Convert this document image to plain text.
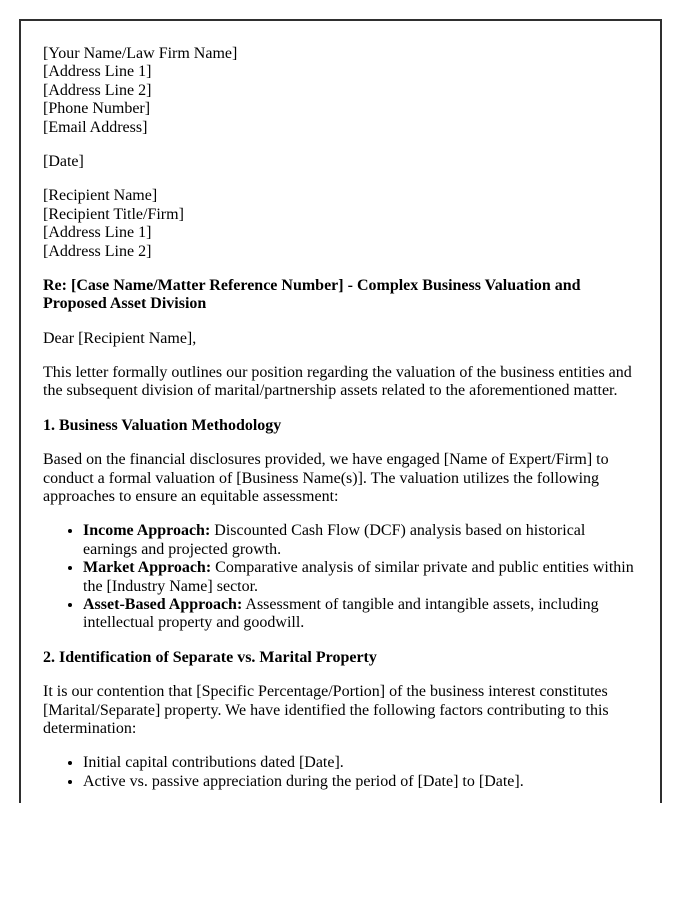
[Your Name/Law Firm Name]
[Address Line 1]
[Address Line 2]
[Phone Number]
[Email Address]

[Date]

[Recipient Name]
[Recipient Title/Firm]
[Address Line 1]
[Address Line 2]

Re: [Case Name/Matter Reference Number] - Complex Business Valuation and Proposed Asset Division

Dear [Recipient Name],

This letter formally outlines our position regarding the valuation of the business entities and the subsequent division of marital/partnership assets related to the aforementioned matter.

1. Business Valuation Methodology

Based on the financial disclosures provided, we have engaged [Name of Expert/Firm] to conduct a formal valuation of [Business Name(s)]. The valuation utilizes the following approaches to ensure an equitable assessment:

• Income Approach: Discounted Cash Flow (DCF) analysis based on historical earnings and projected growth.
• Market Approach: Comparative analysis of similar private and public entities within the [Industry Name] sector.
• Asset-Based Approach: Assessment of tangible and intangible assets, including intellectual property and goodwill.

2. Identification of Separate vs. Marital Property

It is our contention that [Specific Percentage/Portion] of the business interest constitutes [Marital/Separate] property. We have identified the following factors contributing to this determination:

• Initial capital contributions dated [Date].
• Active vs. passive appreciation during the period of [Date] to [Date].
